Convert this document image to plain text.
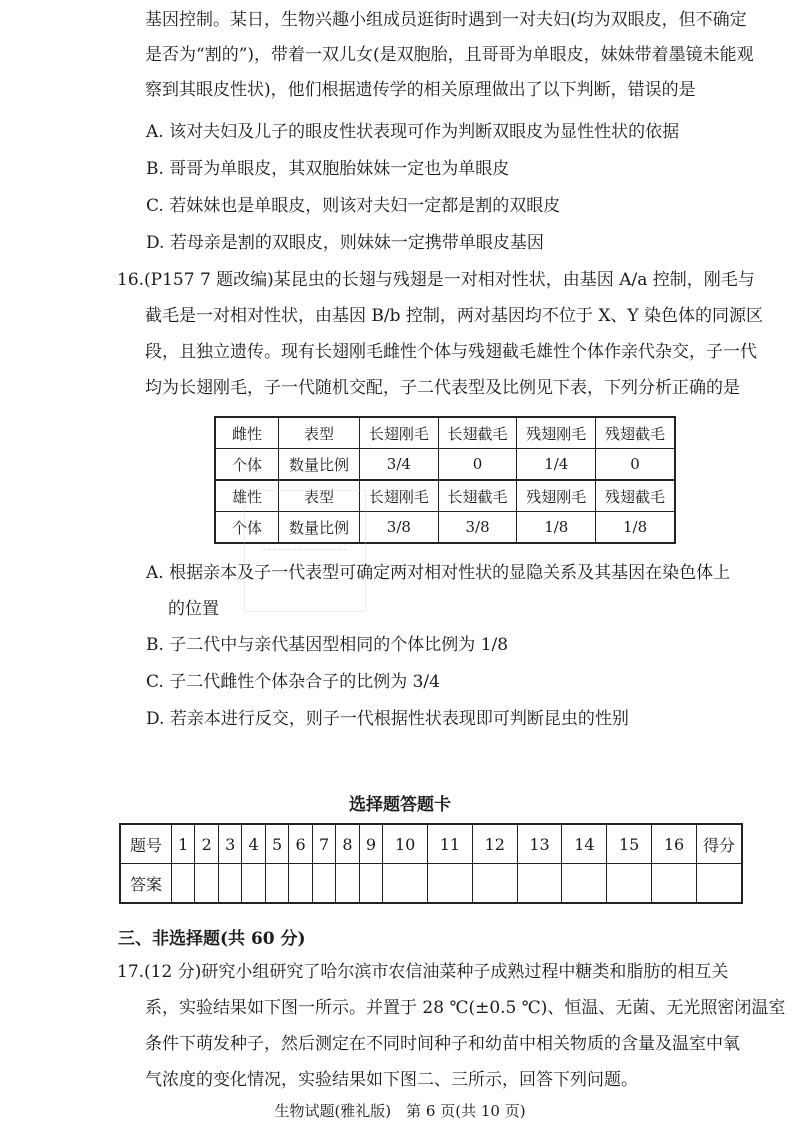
基因控制。某日，生物兴趣小组成员逛街时遇到一对夫妇(均为双眼皮，但不确定
是否为“割的”)，带着一双儿女(是双胞胎，且哥哥为单眼皮，妹妹带着墨镜未能观
察到其眼皮性状)，他们根据遗传学的相关原理做出了以下判断，错误的是
A. 该对夫妇及儿子的眼皮性状表现可作为判断双眼皮为显性性状的依据
B. 哥哥为单眼皮，其双胞胎妹妹一定也为单眼皮
C. 若妹妹也是单眼皮，则该对夫妇一定都是割的双眼皮
D. 若母亲是割的双眼皮，则妹妹一定携带单眼皮基因
16.(P157 7 题改编)某昆虫的长翅与残翅是一对相对性状，由基因 A/a 控制，刚毛与
截毛是一对相对性状，由基因 B/b 控制，两对基因均不位于 X、Y 染色体的同源区
段，且独立遗传。现有长翅刚毛雌性个体与残翅截毛雄性个体作亲代杂交，子一代
均为长翅刚毛，子一代随机交配，子二代表型及比例见下表，下列分析正确的是
雌性	表型	长翅刚毛	长翅截毛	残翅刚毛	残翅截毛
个体	数量比例	3/4	0	1/4	0
雄性	表型	长翅刚毛	长翅截毛	残翅刚毛	残翅截毛
个体	数量比例	3/8	3/8	1/8	1/8
A. 根据亲本及子一代表型可确定两对相对性状的显隐关系及其基因在染色体上
的位置
B. 子二代中与亲代基因型相同的个体比例为 1/8
C. 子二代雌性个体杂合子的比例为 3/4
D. 若亲本进行反交，则子一代根据性状表现即可判断昆虫的性别
选择题答题卡
题号	1	2	3	4	5	6	7	8	9	10	11	12	13	14	15	16	得分
答案																	
三、非选择题(共 60 分)
17.(12 分)研究小组研究了哈尔滨市农信油菜种子成熟过程中糖类和脂肪的相互关
系，实验结果如下图一所示。并置于 28 ℃(±0.5 ℃)、恒温、无菌、无光照密闭温室
条件下萌发种子，然后测定在不同时间种子和幼苗中相关物质的含量及温室中氧
气浓度的变化情况，实验结果如下图二、三所示，回答下列问题。
生物试题(雅礼版)　第 6 页(共 10 页)
